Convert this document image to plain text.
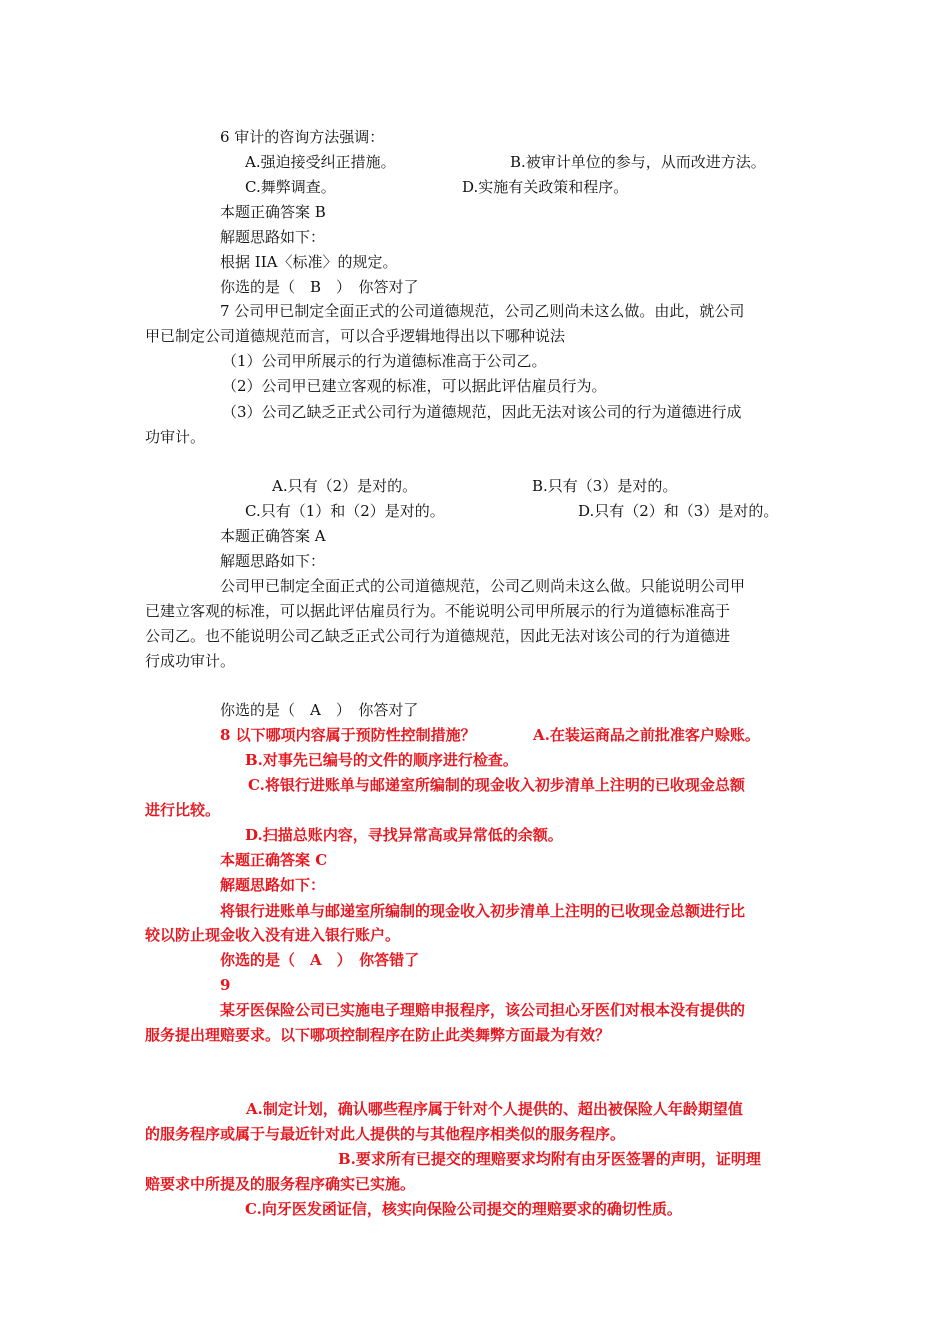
6 审计的咨询方法强调：
A.强迫接受纠正措施。	B.被审计单位的参与，从而改进方法。
C.舞弊调查。	D.实施有关政策和程序。
本题正确答案 B
解题思路如下：
根据 IIA〈标准〉的规定。
你选的是（　B　）　你答对了
7 公司甲已制定全面正式的公司道德规范，公司乙则尚未这么做。由此，就公司
甲已制定公司道德规范而言，可以合乎逻辑地得出以下哪种说法
（1）公司甲所展示的行为道德标准高于公司乙。
（2）公司甲已建立客观的标准，可以据此评估雇员行为。
（3）公司乙缺乏正式公司行为道德规范，因此无法对该公司的行为道德进行成
功审计。
A.只有（2）是对的。	B.只有（3）是对的。
C.只有（1）和（2）是对的。	D.只有（2）和（3）是对的。
本题正确答案 A
解题思路如下：
公司甲已制定全面正式的公司道德规范，公司乙则尚未这么做。只能说明公司甲
已建立客观的标准，可以据此评估雇员行为。不能说明公司甲所展示的行为道德标准高于
公司乙。也不能说明公司乙缺乏正式公司行为道德规范，因此无法对该公司的行为道德进
行成功审计。
你选的是（　A　）　你答对了
8 以下哪项内容属于预防性控制措施？	A.在装运商品之前批准客户赊账。
B.对事先已编号的文件的顺序进行检查。
C.将银行进账单与邮递室所编制的现金收入初步清单上注明的已收现金总额
进行比较。
D.扫描总账内容，寻找异常高或异常低的余额。
本题正确答案 C
解题思路如下：
将银行进账单与邮递室所编制的现金收入初步清单上注明的已收现金总额进行比
较以防止现金收入没有进入银行账户。
你选的是（　A　）　你答错了
9
某牙医保险公司已实施电子理赔申报程序，该公司担心牙医们对根本没有提供的
服务提出理赔要求。以下哪项控制程序在防止此类舞弊方面最为有效？
A.制定计划，确认哪些程序属于针对个人提供的、超出被保险人年龄期望值
的服务程序或属于与最近针对此人提供的与其他程序相类似的服务程序。
B.要求所有已提交的理赔要求均附有由牙医签署的声明，证明理
赔要求中所提及的服务程序确实已实施。
C.向牙医发函证信，核实向保险公司提交的理赔要求的确切性质。
